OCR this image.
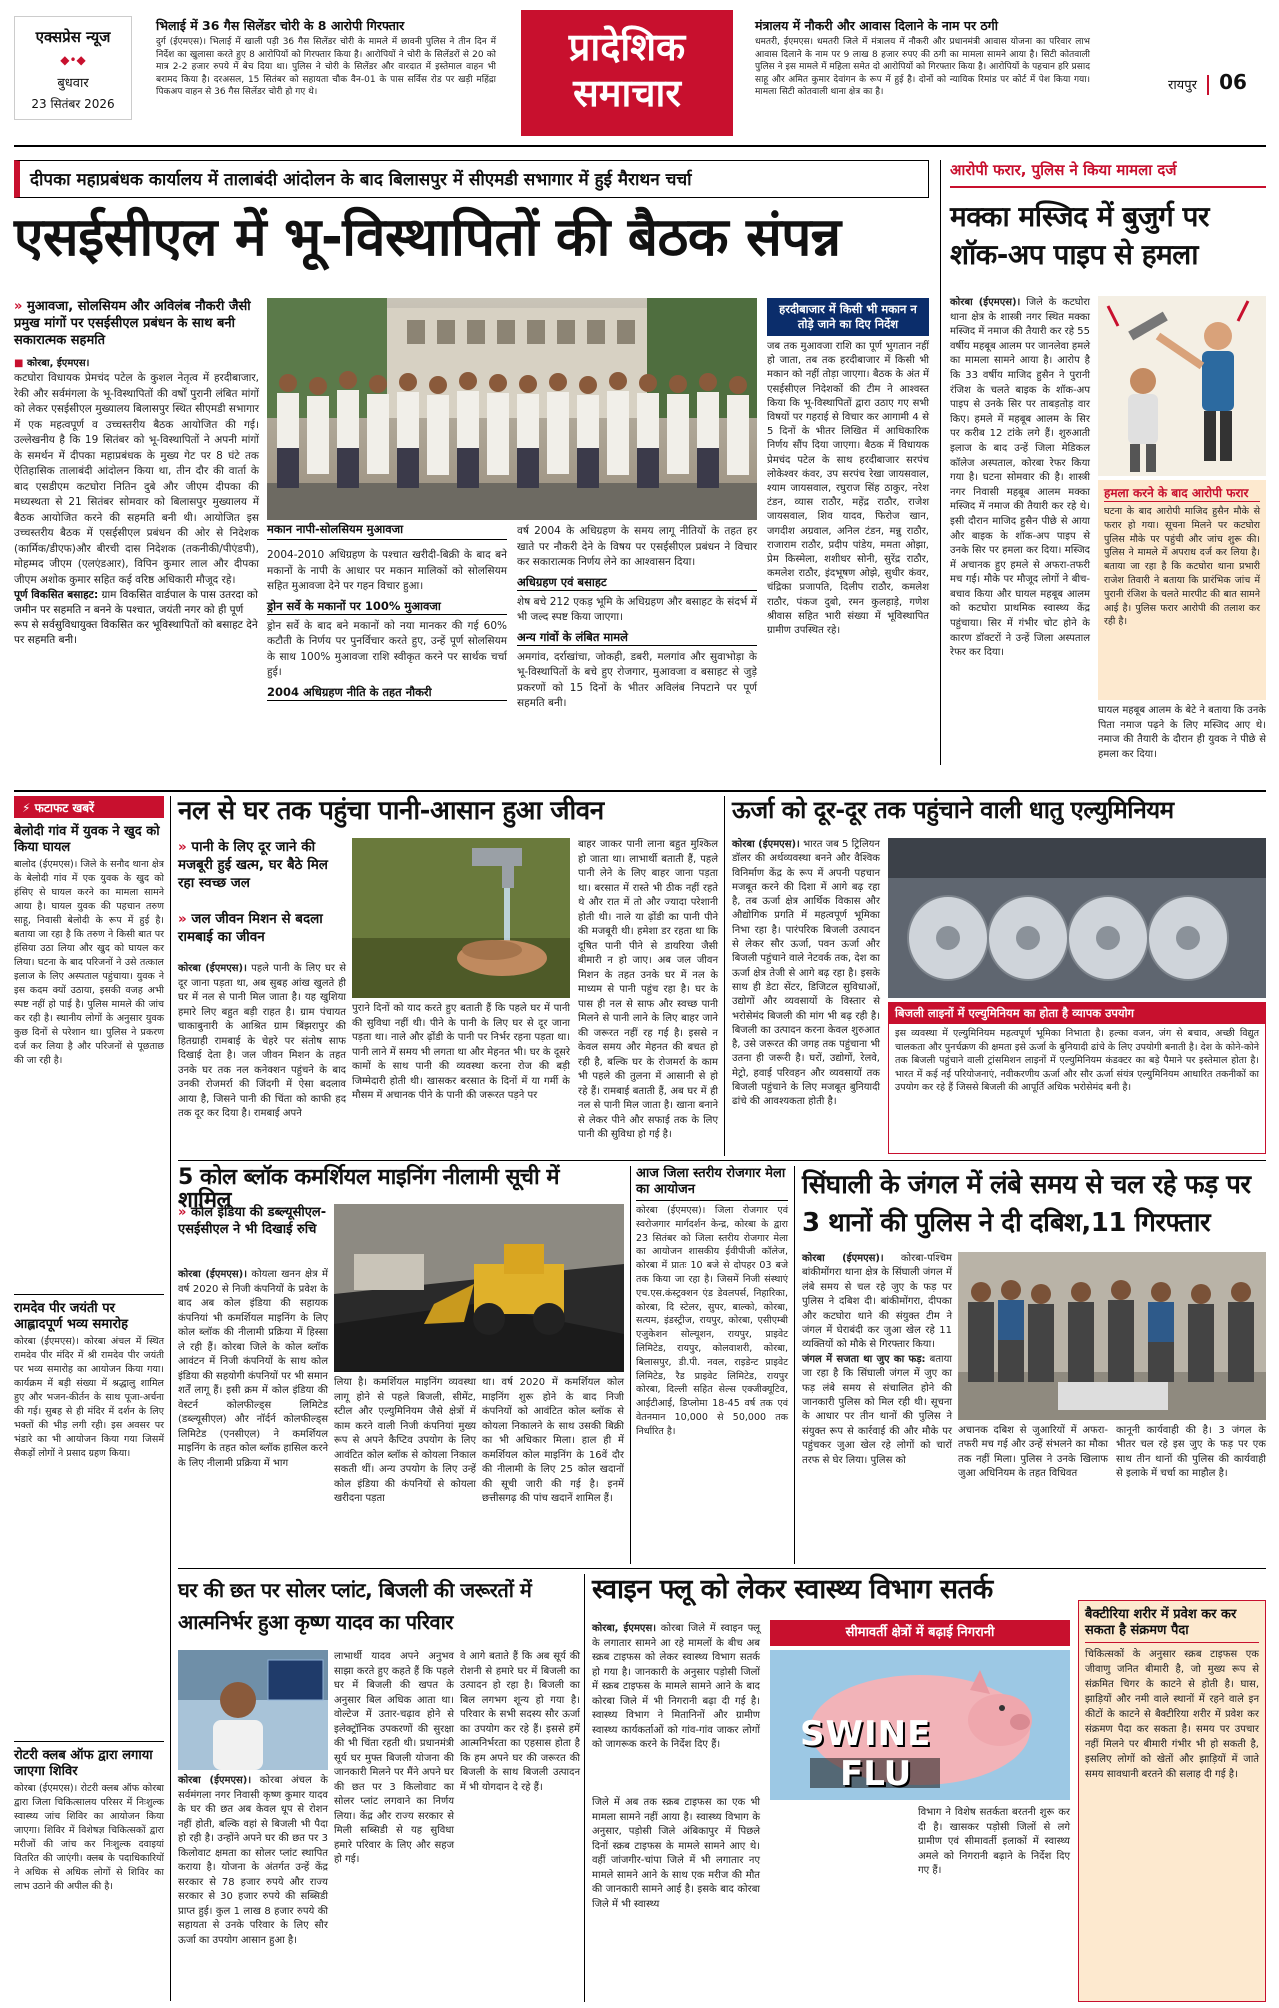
एक्सप्रेस न्यूज
◆•◆
बुधवार
23 सितंबर 2026
भिलाई में 36 गैस सिलेंडर चोरी के 8 आरोपी गिरफ्तार
दुर्ग (ईएमएस)। भिलाई में खाली पड़ी 36 गैस सिलेंडर चोरी के मामले में छावनी पुलिस ने तीन दिन में निर्देश का खुलासा करते हुए 8 आरोपियों को गिरफ्तार किया है। आरोपियों ने चोरी के सिलेंडरों से 20 को मात्र 2-2 हजार रुपये में बेच दिया था। पुलिस ने चोरी के सिलेंडर और वारदात में इस्तेमाल वाहन भी बरामद किया है। दरअसल, 15 सितंबर को सहायता चौक वैन-01 के पास सर्विस रोड पर खड़ी महिंद्रा पिकअप वाहन से 36 गैस सिलेंडर चोरी हो गए थे।
प्रादेशिक
समाचार
मंत्रालय में नौकरी और आवास दिलाने के नाम पर ठगी
धमतरी, ईएमएस। धमतरी जिले में मंत्रालय में नौकरी और प्रधानमंत्री आवास योजना का परिवार लाभ आवास दिलाने के नाम पर 9 लाख 8 हजार रुपए की ठगी का मामला सामने आया है। सिटी कोतवाली पुलिस ने इस मामले में महिला समेत दो आरोपियों को गिरफ्तार किया है। आरोपियों के पहचान हरि प्रसाद साहू और अमित कुमार देवांगन के रूप में हुई है। दोनों को न्यायिक रिमांड पर कोर्ट में पेश किया गया। मामला सिटी कोतवाली थाना क्षेत्र का है।	रायपुर 06
दीपका महाप्रबंधक कार्यालय में तालाबंदी आंदोलन के बाद बिलासपुर में सीएमडी सभागार में हुई मैराथन चर्चा
एसईसीएल में भू-विस्थापितों की बैठक संपन्न
» मुआवजा, सोलसियम और अविलंब नौकरी जैसी प्रमुख मांगों पर एसईसीएल प्रबंधन के साथ बनी सकारात्मक सहमति
■ कोरबा, ईएमएस।
कटघोरा विधायक प्रेमचंद पटेल के कुशल नेतृत्व में हरदीबाजार, रेकी और सर्वमंगला के भू-विस्थापितों की वर्षों पुरानी लंबित मांगों को लेकर एसईसीएल मुख्यालय बिलासपुर स्थित सीएमडी सभागार में एक महत्वपूर्ण व उच्चस्तरीय बैठक आयोजित की गई। उल्लेखनीय है कि 19 सितंबर को भू-विस्थापितों ने अपनी मांगों के समर्थन में दीपका महाप्रबंधक के मुख्य गेट पर 8 घंटे तक ऐतिहासिक तालाबंदी आंदोलन किया था, तीन दौर की वार्ता के बाद एसडीएम कटघोरा नितिन दुबे और जीएम दीपका की मध्यस्थता से 21 सितंबर सोमवार को बिलासपुर मुख्यालय में बैठक आयोजित करने की सहमति बनी थी। आयोजित इस उच्चस्तरीय बैठक में एसईसीएल प्रबंधन की ओर से निदेशक (कार्मिक/डीएफ)और बीरची दास निदेशक (तकनीकी/पीएंडपी), मोहम्मद जीएम (एलएंडआर), विपिन कुमार लाल और दीपका जीएम अशोक कुमार सहित कई वरिष्ठ अधिकारी मौजूद रहे।
पूर्ण विकसित बसाहट: ग्राम विकसित वार्डपाल के पास उतरदा को जमीन पर सहमति न बनने के पश्चात, जयंती नगर को ही पूर्ण रूप से सर्वसुविधायुक्त विकसित कर भूविस्थापितों को बसाहट देने पर सहमति बनी।
मकान नापी-सोलसियम मुआवजा
2004-2010 अधिग्रहण के पश्चात खरीदी-बिक्री के बाद बने मकानों के नापी के आधार पर मकान मालिकों को सोलसियम सहित मुआवजा देने पर गहन विचार हुआ।
ड्रोन सर्वे के मकानों पर 100% मुआवजा
ड्रोन सर्वे के बाद बने मकानों को नया मानकर की गई 60% कटौती के निर्णय पर पुनर्विचार करते हुए, उन्हें पूर्ण सोलसियम के साथ 100% मुआवजा राशि स्वीकृत करने पर सार्थक चर्चा हुई।
2004 अधिग्रहण नीति के तहत नौकरी
वर्ष 2004 के अधिग्रहण के समय लागू नीतियों के तहत हर खाते पर नौकरी देने के विषय पर एसईसीएल प्रबंधन ने विचार कर सकारात्मक निर्णय लेने का आश्वासन दिया।
अधिग्रहण एवं बसाहट
शेष बचे 212 एकड़ भूमि के अधिग्रहण और बसाहट के संदर्भ में भी जल्द स्पष्ट किया जाएगा।
अन्य गांवों के लंबित मामले
अमगांव, दर्राखांचा, जोकही, डबरी, मलगांव और सुवाभोड़ा के भू-विस्थापितों के बचे हुए रोजगार, मुआवजा व बसाहट से जुड़े प्रकरणों को 15 दिनों के भीतर अविलंब निपटाने पर पूर्ण सहमति बनी।
हरदीबाजार में किसी भी मकान न तोड़े जाने का दिए निर्देश
जब तक मुआवजा राशि का पूर्ण भुगतान नहीं हो जाता, तब तक हरदीबाजार में किसी भी मकान को नहीं तोड़ा जाएगा। बैठक के अंत में एसईसीएल निदेशकों की टीम ने आश्वस्त किया कि भू-विस्थापितों द्वारा उठाए गए सभी विषयों पर गहराई से विचार कर आगामी 4 से 5 दिनों के भीतर लिखित में आधिकारिक निर्णय सौंप दिया जाएगा। बैठक में विधायक प्रेमचंद पटेल के साथ हरदीबाजार सरपंच लोकेश्वर कंवर, उप सरपंच रेखा जायसवाल, श्याम जायसवाल, रघुराज सिंह ठाकुर, नरेश टंडन, व्यास राठौर, महेंद्र राठौर, राजेश जायसवाल, शिव यादव, फिरोज खान, जगदीश अग्रवाल, अनिल टंडन, मन्नु राठौर, राजाराम राठौर, प्रदीप पांडेय, ममता ओझा, प्रेम किस्मेला, शशीधर सोनी, सुरेंद्र राठौर, कमलेश राठौर, इंदभूषण ओझे, सुधीर कंवर, चंद्रिका प्रजापति, दिलीप राठौर, कमलेश राठौर, पंकज दुबो, रमन कुलहाड़े, गणेश श्रीवास सहित भारी संख्या में भूविस्थापित ग्रामीण उपस्थित रहे।
आरोपी फरार, पुलिस ने किया मामला दर्ज
मक्का मस्जिद में बुजुर्ग पर शॉक-अप पाइप से हमला
कोरबा (ईएमएस)। जिले के कटघोरा थाना क्षेत्र के शास्त्री नगर स्थित मक्का मस्जिद में नमाज की तैयारी कर रहे 55 वर्षीय महबूब आलम पर जानलेवा हमले का मामला सामने आया है। आरोप है कि 33 वर्षीय माजिद हुसैन ने पुरानी रंजिश के चलते बाइक के शॉक-अप पाइप से उनके सिर पर ताबड़तोड़ वार किए। हमले में महबूब आलम के सिर पर करीब 12 टांके लगे हैं। शुरुआती इलाज के बाद उन्हें जिला मेडिकल कॉलेज अस्पताल, कोरबा रेफर किया गया है। घटना सोमवार की है। शास्त्री नगर निवासी महबूब आलम मक्का मस्जिद में नमाज की तैयारी कर रहे थे। इसी दौरान माजिद हुसैन पीछे से आया और बाइक के शॉक-अप पाइप से उनके सिर पर हमला कर दिया। मस्जिद में अचानक हुए हमले से अफरा-तफरी मच गई। मौके पर मौजूद लोगों ने बीच-बचाव किया और घायल महबूब आलम को कटघोरा प्राथमिक स्वास्थ्य केंद्र पहुंचाया। सिर में गंभीर चोट होने के कारण डॉक्टरों ने उन्हें जिला अस्पताल रेफर कर दिया।
हमला करने के बाद आरोपी फरार
घटना के बाद आरोपी माजिद हुसैन मौके से फरार हो गया। सूचना मिलने पर कटघोरा पुलिस मौके पर पहुंची और जांच शुरू की। पुलिस ने मामले में अपराध दर्ज कर लिया है। बताया जा रहा है कि कटघोरा थाना प्रभारी राजेश तिवारी ने बताया कि प्रारंभिक जांच में पुरानी रंजिश के चलते मारपीट की बात सामने आई है। पुलिस फरार आरोपी की तलाश कर रही है।
घायल महबूब आलम के बेटे ने बताया कि उनके पिता नमाज पढ़ने के लिए मस्जिद आए थे। नमाज की तैयारी के दौरान ही युवक ने पीछे से हमला कर दिया।
⚡ फटाफट खबरें
बेलोदी गांव में युवक ने खुद को किया घायल
बालोद (ईएमएस)। जिले के सनौद थाना क्षेत्र के बेलोदी गांव में एक युवक के खुद को हंसिए से घायल करने का मामला सामने आया है। घायल युवक की पहचान तरुण साहू, निवासी बेलोदी के रूप में हुई है। बताया जा रहा है कि तरुण ने किसी बात पर हंसिया उठा लिया और खुद को घायल कर लिया। घटना के बाद परिजनों ने उसे तत्काल इलाज के लिए अस्पताल पहुंचाया। युवक ने इस कदम क्यों उठाया, इसकी वजह अभी स्पष्ट नहीं हो पाई है। पुलिस मामले की जांच कर रही है। स्थानीय लोगों के अनुसार युवक कुछ दिनों से परेशान था। पुलिस ने प्रकरण दर्ज कर लिया है और परिजनों से पूछताछ की जा रही है।
रामदेव पीर जयंती पर आह्लादपूर्ण भव्य समारोह
कोरबा (ईएमएस)। कोरबा अंचल में स्थित रामदेव पीर मंदिर में श्री रामदेव पीर जयंती पर भव्य समारोह का आयोजन किया गया। कार्यक्रम में बड़ी संख्या में श्रद्धालु शामिल हुए और भजन-कीर्तन के साथ पूजा-अर्चना की गई। सुबह से ही मंदिर में दर्शन के लिए भक्तों की भीड़ लगी रही। इस अवसर पर भंडारे का भी आयोजन किया गया जिसमें सैकड़ों लोगों ने प्रसाद ग्रहण किया।
रोटरी क्लब ऑफ द्वारा लगाया जाएगा शिविर
कोरबा (ईएमएस)। रोटरी क्लब ऑफ कोरबा द्वारा जिला चिकित्सालय परिसर में निःशुल्क स्वास्थ्य जांच शिविर का आयोजन किया जाएगा। शिविर में विशेषज्ञ चिकित्सकों द्वारा मरीजों की जांच कर निःशुल्क दवाइयां वितरित की जाएंगी। क्लब के पदाधिकारियों ने अधिक से अधिक लोगों से शिविर का लाभ उठाने की अपील की है।
नल से घर तक पहुंचा पानी-आसान हुआ जीवन
» पानी के लिए दूर जाने की मजबूरी हुई खत्म, घर बैठे मिल रहा स्वच्छ जल
» जल जीवन मिशन से बदला रामबाई का जीवन
कोरबा (ईएमएस)। पहले पानी के लिए घर से दूर जाना पड़ता था, अब सुबह आंख खुलते ही घर में नल से पानी मिल जाता है। यह खुशिया हमारे लिए बहुत बड़ी राहत है। ग्राम पंचायत चाकाबुनारी के आश्रित ग्राम बिंझरापुर की हितग्राही रामबाई के चेहरे पर संतोष साफ दिखाई देता है। जल जीवन मिशन के तहत उनके घर तक नल कनेक्शन पहुंचने के बाद उनकी रोजमर्रा की जिंदगी में ऐसा बदलाव आया है, जिसने पानी की चिंता को काफी हद तक दूर कर दिया है। रामबाई अपने
पुराने दिनों को याद करते हुए बताती हैं कि पहले घर में पानी की सुविधा नहीं थी। पीने के पानी के लिए घर से दूर जाना पड़ता था। नाले और ढ़ोंडी के पानी पर निर्भर रहना पड़ता था। पानी लाने में समय भी लगता था और मेहनत भी। घर के दूसरे कामों के साथ पानी की व्यवस्था करना रोज की बड़ी जिम्मेदारी होती थी। खासकर बरसात के दिनों में या गर्मी के मौसम में अचानक पीने के पानी की जरूरत पड़ने पर
बाहर जाकर पानी लाना बहुत मुश्किल हो जाता था। लाभार्थी बताती हैं, पहले पानी लेने के लिए बाहर जाना पड़ता था। बरसात में रास्ते भी ठीक नहीं रहते थे और रात में तो और ज्यादा परेशानी होती थी। नाले या ढ़ोंडी का पानी पीने की मजबूरी थी। हमेशा डर रहता था कि दूषित पानी पीने से डायरिया जैसी बीमारी न हो जाए। अब जल जीवन मिशन के तहत उनके घर में नल के माध्यम से पानी पहुंच रहा है। घर के पास ही नल से साफ और स्वच्छ पानी मिलने से पानी लाने के लिए बाहर जाने की जरूरत नहीं रह गई है। इससे न केवल समय और मेहनत की बचत हो रही है, बल्कि घर के रोजमर्रा के काम भी पहले की तुलना में आसानी से हो रहे हैं। रामबाई बताती हैं, अब घर में ही नल से पानी मिल जाता है। खाना बनाने से लेकर पीने और सफाई तक के लिए पानी की सुविधा हो गई है।
ऊर्जा को दूर-दूर तक पहुंचाने वाली धातु एल्युमिनियम
कोरबा (ईएमएस)। भारत जब 5 ट्रिलियन डॉलर की अर्थव्यवस्था बनने और वैश्विक विनिर्माण केंद्र के रूप में अपनी पहचान मजबूत करने की दिशा में आगे बढ़ रहा है, तब ऊर्जा क्षेत्र आर्थिक विकास और औद्योगिक प्रगति में महत्वपूर्ण भूमिका निभा रहा है। पारंपरिक बिजली उत्पादन से लेकर सौर ऊर्जा, पवन ऊर्जा और बिजली पहुंचाने वाले नेटवर्क तक, देश का ऊर्जा क्षेत्र तेजी से आगे बढ़ रहा है। इसके साथ ही डेटा सेंटर, डिजिटल सुविधाओं, उद्योगों और व्यवसायों के विस्तार से भरोसेमंद बिजली की मांग भी बढ़ रही है। बिजली का उत्पादन करना केवल शुरुआत है, उसे जरूरत की जगह तक पहुंचाना भी उतना ही जरूरी है। घरों, उद्योगों, रेलवे, मेट्रो, हवाई परिवहन और व्यवसायों तक बिजली पहुंचाने के लिए मजबूत बुनियादी ढांचे की आवश्यकता होती है।
बिजली लाइनों में एल्युमिनियम का होता है व्यापक उपयोग
इस व्यवस्था में एल्युमिनियम महत्वपूर्ण भूमिका निभाता है। हल्का वजन, जंग से बचाव, अच्छी विद्युत चालकता और पुनर्चक्रण की क्षमता इसे ऊर्जा के बुनियादी ढांचे के लिए उपयोगी बनाती है। देश के कोने-कोने तक बिजली पहुंचाने वाली ट्रांसमिशन लाइनों में एल्युमिनियम कंडक्टर का बड़े पैमाने पर इस्तेमाल होता है। भारत में कई नई परियोजनाएं, नवीकरणीय ऊर्जा और सौर ऊर्जा संयंत्र एल्युमिनियम आधारित तकनीकों का उपयोग कर रहे हैं जिससे बिजली की आपूर्ति अधिक भरोसेमंद बनी है।
5 कोल ब्लॉक कमर्शियल माइनिंग नीलामी सूची में शामिल
» कोल इंडिया की डब्ल्यूसीएल-एसईसीएल ने भी दिखाई रुचि
कोरबा (ईएमएस)। कोयला खनन क्षेत्र में वर्ष 2020 से निजी कंपनियों के प्रवेश के बाद अब कोल इंडिया की सहायक कंपनियां भी कमर्शियल माइनिंग के लिए कोल ब्लॉक की नीलामी प्रक्रिया में हिस्सा ले रही हैं। कोरबा जिले के कोल ब्लॉक आवंटन में निजी कंपनियों के साथ कोल इंडिया की सहयोगी कंपनियों पर भी समान शर्तें लागू हैं। इसी क्रम में कोल इंडिया की वेस्टर्न कोलफील्ड्स लिमिटेड (डब्ल्यूसीएल) और नॉर्दर्न कोलफील्ड्स लिमिटेड (एनसीएल) ने कमर्शियल माइनिंग के तहत कोल ब्लॉक हासिल करने के लिए नीलामी प्रक्रिया में भाग
लिया है। कमर्शियल माइनिंग व्यवस्था लागू होने से पहले बिजली, सीमेंट, स्टील और एल्युमिनियम जैसे क्षेत्रों में काम करने वाली निजी कंपनियां मुख्य रूप से अपने कैप्टिव उपयोग के लिए आवंटित कोल ब्लॉक से कोयला निकाल सकती थीं। अन्य उपयोग के लिए उन्हें कोल इंडिया की कंपनियों से कोयला खरीदना पड़ता
था। वर्ष 2020 में कमर्शियल कोल माइनिंग शुरू होने के बाद निजी कंपनियों को आवंटित कोल ब्लॉक से कोयला निकालने के साथ उसकी बिक्री का भी अधिकार मिला। हाल ही में कमर्शियल कोल माइनिंग के 16वें दौर की नीलामी के लिए 25 कोल खदानों की सूची जारी की गई है। इनमें छत्तीसगढ़ की पांच खदानें शामिल हैं।
आज जिला स्तरीय रोजगार मेला का आयोजन
कोरबा (ईएमएस)। जिला रोजगार एवं स्वरोजगार मार्गदर्शन केन्द्र, कोरबा के द्वारा 23 सितंबर को जिला स्तरीय रोजगार मेला का आयोजन शासकीय ईवीपीजी कॉलेज, कोरबा में प्रातः 10 बजे से दोपहर 03 बजे तक किया जा रहा है। जिसमें निजी संस्थाएं एच.एस.कंस्ट्रक्शन एंड डेवलपर्स, निहारिका, कोरबा, दि स्टेलर, सुपर, बाल्को, कोरबा, सत्यम, इंडस्ट्रीज, रायपुर, कोरबा, एसीएम्बी एजुकेशन सोल्यूशन, रायपुर, प्राइवेट लिमिटेड, रायपुर, कोलवाशरी, कोरबा, बिलासपुर, डी.पी. नवल, राइडेन्ट प्राइवेट लिमिटेड, रैड प्राइवेट लिमिटेड, रायपुर कोरबा, दिल्ली सहित सेल्स एक्जीक्यूटिव, आईटीआई, डिप्लोमा 18-45 वर्ष तक एवं वेतनमान 10,000 से 50,000 तक निर्धारित है।
सिंघाली के जंगल में लंबे समय से चल रहे फड़ पर 3 थानों की पुलिस ने दी दबिश,11 गिरफ्तार
कोरबा (ईएमएस)। कोरबा-पश्चिम बांकीमोंगरा थाना क्षेत्र के सिंघाली जंगल में लंबे समय से चल रहे जुए के फड़ पर पुलिस ने दबिश दी। बांकीमोंगरा, दीपका और कटघोरा थाने की संयुक्त टीम ने जंगल में घेराबंदी कर जुआ खेल रहे 11 व्यक्तियों को मौके से गिरफ्तार किया।
जंगल में सजता था जुए का फड़: बताया जा रहा है कि सिंघाली जंगल में जुए का फड़ लंबे समय से संचालित होने की जानकारी पुलिस को मिल रही थी। सूचना के आधार पर तीन थानों की पुलिस ने संयुक्त रूप से कार्रवाई की और मौके पर पहुंचकर जुआ खेल रहे लोगों को चारों तरफ से घेर लिया। पुलिस को
अचानक दबिश से जुआरियों में अफरा-तफरी मच गई और उन्हें संभलने का मौका तक नहीं मिला। पुलिस ने उनके खिलाफ जुआ अधिनियम के तहत विधिवत
कानूनी कार्यवाही की है। 3 जंगल के भीतर चल रहे इस जुए के फड़ पर एक साथ तीन थानों की पुलिस की कार्यवाही से इलाके में चर्चा का माहौल है।
घर की छत पर सोलर प्लांट, बिजली की जरूरतों में आत्मनिर्भर हुआ कृष्ण यादव का परिवार
कोरबा (ईएमएस)। कोरबा अंचल के सर्वमंगला नगर निवासी कृष्ण कुमार यादव के घर की छत अब केवल धूप से रोशन नहीं होती, बल्कि वहां से बिजली भी पैदा हो रही है। उन्होंने अपने घर की छत पर 3 किलोवाट क्षमता का सोलर प्लांट स्थापित कराया है। योजना के अंतर्गत उन्हें केंद्र सरकार से 78 हजार रुपये और राज्य सरकार से 30 हजार रुपये की सब्सिडी प्राप्त हुई। कुल 1 लाख 8 हजार रुपये की सहायता से उनके परिवार के लिए सौर ऊर्जा का उपयोग आसान हुआ है।
लाभार्थी यादव अपने अनुभव साझा करते हुए कहते हैं कि पहले घर में बिजली की खपत के अनुसार बिल अधिक आता था। वोल्टेज में उतार-चढ़ाव होने से इलेक्ट्रॉनिक उपकरणों की सुरक्षा की भी चिंता रहती थी। प्रधानमंत्री सूर्य घर मुफ्त बिजली योजना की जानकारी मिलने पर मैंने अपने घर की छत पर 3 किलोवाट का सोलर प्लांट लगवाने का निर्णय लिया। केंद्र और राज्य सरकार से मिली सब्सिडी से यह सुविधा हमारे परिवार के लिए और सहज हो गई।
वे आगे बताते हैं कि अब सूर्य की रोशनी से हमारे घर में बिजली का उत्पादन हो रहा है। बिजली का बिल लगभग शून्य हो गया है। परिवार के सभी सदस्य सौर ऊर्जा का उपयोग कर रहे हैं। इससे हमें आत्मनिर्भरता का एहसास होता है कि हम अपने घर की जरूरत की बिजली के साथ बिजली उत्पादन में भी योगदान दे रहे हैं।
स्वाइन फ्लू को लेकर स्वास्थ्य विभाग सतर्क
सीमावर्ती क्षेत्रों में बढ़ाई निगरानी
कोरबा, ईएमएस। कोरबा जिले में स्वाइन फ्लू के लगातार सामने आ रहे मामलों के बीच अब स्क्रब टाइफस को लेकर स्वास्थ्य विभाग सतर्क हो गया है। जानकारी के अनुसार पड़ोसी जिलों में स्क्रब टाइफस के मामले सामने आने के बाद कोरबा जिले में भी निगरानी बढ़ा दी गई है। स्वास्थ्य विभाग ने मितानिनों और ग्रामीण स्वास्थ्य कार्यकर्ताओं को गांव-गांव जाकर लोगों को जागरूक करने के निर्देश दिए हैं।	SWINE
FLU
जिले में अब तक स्क्रब टाइफस का एक भी मामला सामने नहीं आया है। स्वास्थ्य विभाग के अनुसार, पड़ोसी जिले अंबिकापुर में पिछले दिनों स्क्रब टाइफस के मामले सामने आए थे। वहीं जांजगीर-चांपा जिले में भी लगातार नए मामले सामने आने के साथ एक मरीज की मौत की जानकारी सामने आई है। इसके बाद कोरबा जिले में भी स्वास्थ्य
विभाग ने विशेष सतर्कता बरतनी शुरू कर दी है। खासकर पड़ोसी जिलों से लगे ग्रामीण एवं सीमावर्ती इलाकों में स्वास्थ्य अमले को निगरानी बढ़ाने के निर्देश दिए गए हैं।
बैक्टीरिया शरीर में प्रवेश कर कर सकता है संक्रमण पैदा
चिकित्सकों के अनुसार स्क्रब टाइफस एक जीवाणु जनित बीमारी है, जो मुख्य रूप से संक्रमित चिगर के काटने से होती है। घास, झाड़ियों और नमी वाले स्थानों में रहने वाले इन कीटों के काटने से बैक्टीरिया शरीर में प्रवेश कर संक्रमण पैदा कर सकता है। समय पर उपचार नहीं मिलने पर बीमारी गंभीर भी हो सकती है, इसलिए लोगों को खेतों और झाड़ियों में जाते समय सावधानी बरतने की सलाह दी गई है।
